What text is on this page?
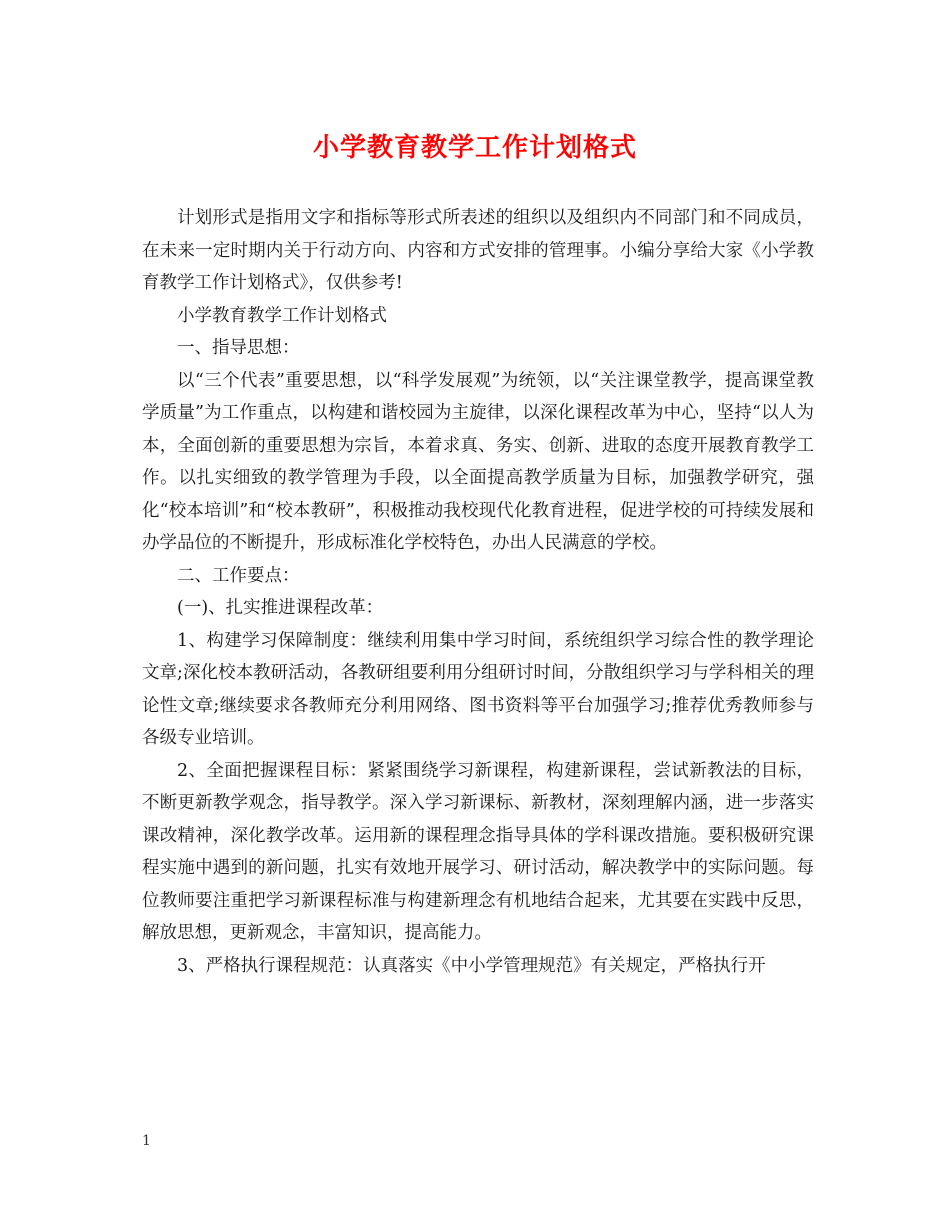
小学教育教学工作计划格式

计划形式是指用文字和指标等形式所表述的组织以及组织内不同部门和不同成员，在未来一定时期内关于行动方向、内容和方式安排的管理事。小编分享给大家《小学教育教学工作计划格式》，仅供参考!

小学教育教学工作计划格式

一、指导思想：

以“三个代表”重要思想，以“科学发展观”为统领，以“关注课堂教学，提高课堂教学质量”为工作重点，以构建和谐校园为主旋律，以深化课程改革为中心，坚持“以人为本，全面创新的重要思想为宗旨，本着求真、务实、创新、进取的态度开展教育教学工作。以扎实细致的教学管理为手段，以全面提高教学质量为目标，加强教学研究，强化“校本培训”和“校本教研”，积极推动我校现代化教育进程，促进学校的可持续发展和办学品位的不断提升，形成标准化学校特色，办出人民满意的学校。

二、工作要点：

(一)、扎实推进课程改革：

1、构建学习保障制度：继续利用集中学习时间，系统组织学习综合性的教学理论文章;深化校本教研活动，各教研组要利用分组研讨时间，分散组织学习与学科相关的理论性文章;继续要求各教师充分利用网络、图书资料等平台加强学习;推荐优秀教师参与各级专业培训。

2、全面把握课程目标：紧紧围绕学习新课程，构建新课程，尝试新教法的目标，不断更新教学观念，指导教学。深入学习新课标、新教材，深刻理解内涵，进一步落实课改精神，深化教学改革。运用新的课程理念指导具体的学科课改措施。要积极研究课程实施中遇到的新问题，扎实有效地开展学习、研讨活动，解决教学中的实际问题。每位教师要注重把学习新课程标准与构建新理念有机地结合起来，尤其要在实践中反思，解放思想，更新观念，丰富知识，提高能力。

3、严格执行课程规范：认真落实《中小学管理规范》有关规定，严格执行开

1
